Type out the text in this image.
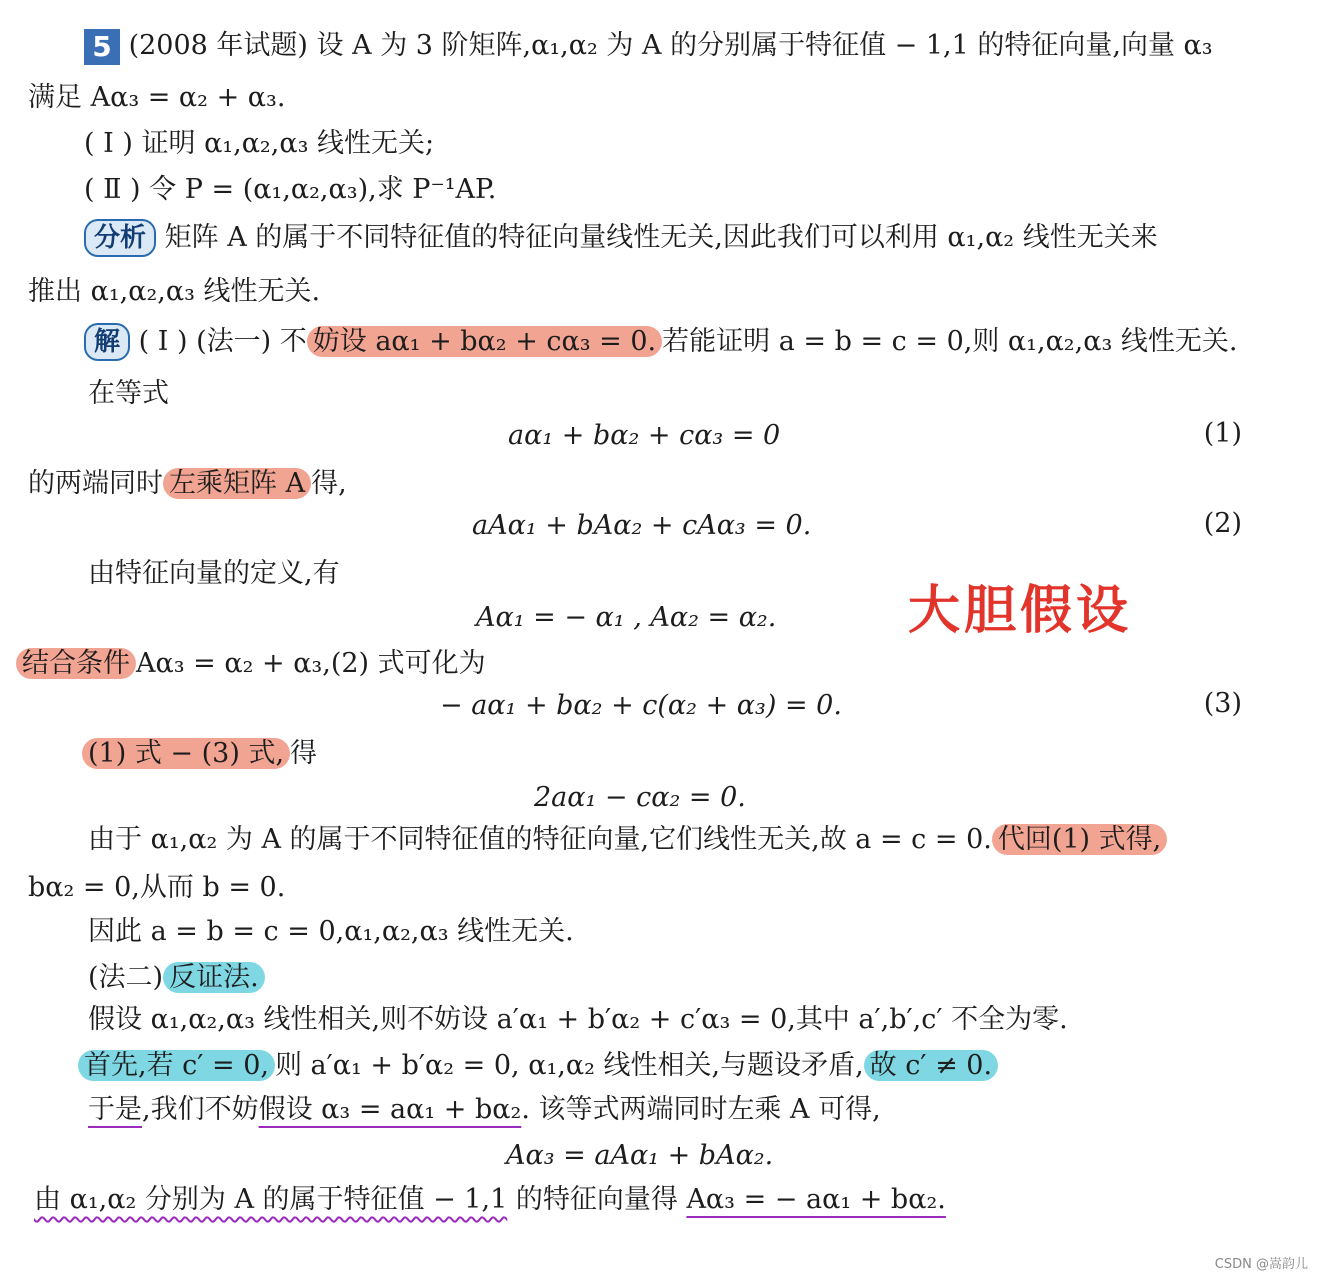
5 (2008 年试题) 设 A 为 3 阶矩阵,α₁,α₂ 为 A 的分别属于特征值 − 1,1 的特征向量,向量 α₃
满足 Aα₃ = α₂ + α₃.
( Ⅰ ) 证明 α₁,α₂,α₃ 线性无关;
( Ⅱ ) 令 P = (α₁,α₂,α₃),求 P⁻¹AP.
分析 矩阵 A 的属于不同特征值的特征向量线性无关,因此我们可以利用 α₁,α₂ 线性无关来
推出 α₁,α₂,α₃ 线性无关.
解 ( Ⅰ ) (法一) 不 妨设 aα₁ + bα₂ + cα₃ = 0. 若能证明 a = b = c = 0,则 α₁,α₂,α₃ 线性无关.
在等式
aα₁ + bα₂ + cα₃ = 0	(1)
的两端同时 左乘矩阵 A 得,
aAα₁ + bAα₂ + cAα₃ = 0.	(2)
由特征向量的定义,有
Aα₁ = − α₁ , Aα₂ = α₂.	大胆假设
结合条件 Aα₃ = α₂ + α₃,(2) 式可化为
− aα₁ + bα₂ + c(α₂ + α₃) = 0.	(3)
(1) 式 − (3) 式, 得
2aα₁ − cα₂ = 0.
由于 α₁,α₂ 为 A 的属于不同特征值的特征向量,它们线性无关,故 a = c = 0. 代回(1) 式得,
bα₂ = 0,从而 b = 0.
因此 a = b = c = 0,α₁,α₂,α₃ 线性无关.
(法二) 反证法.
假设 α₁,α₂,α₃ 线性相关,则不妨设 a′α₁ + b′α₂ + c′α₃ = 0,其中 a′,b′,c′ 不全为零.
首先,若 c′ = 0, 则 a′α₁ + b′α₂ = 0, α₁,α₂ 线性相关,与题设矛盾, 故 c′ ≠ 0.
于是,我们不妨假设 α₃ = aα₁ + bα₂. 该等式两端同时左乘 A 可得,
Aα₃ = aAα₁ + bAα₂.
由 α₁,α₂ 分别为 A 的属于特征值 − 1,1 的特征向量得 Aα₃ = − aα₁ + bα₂.
CSDN @嵩韵儿
